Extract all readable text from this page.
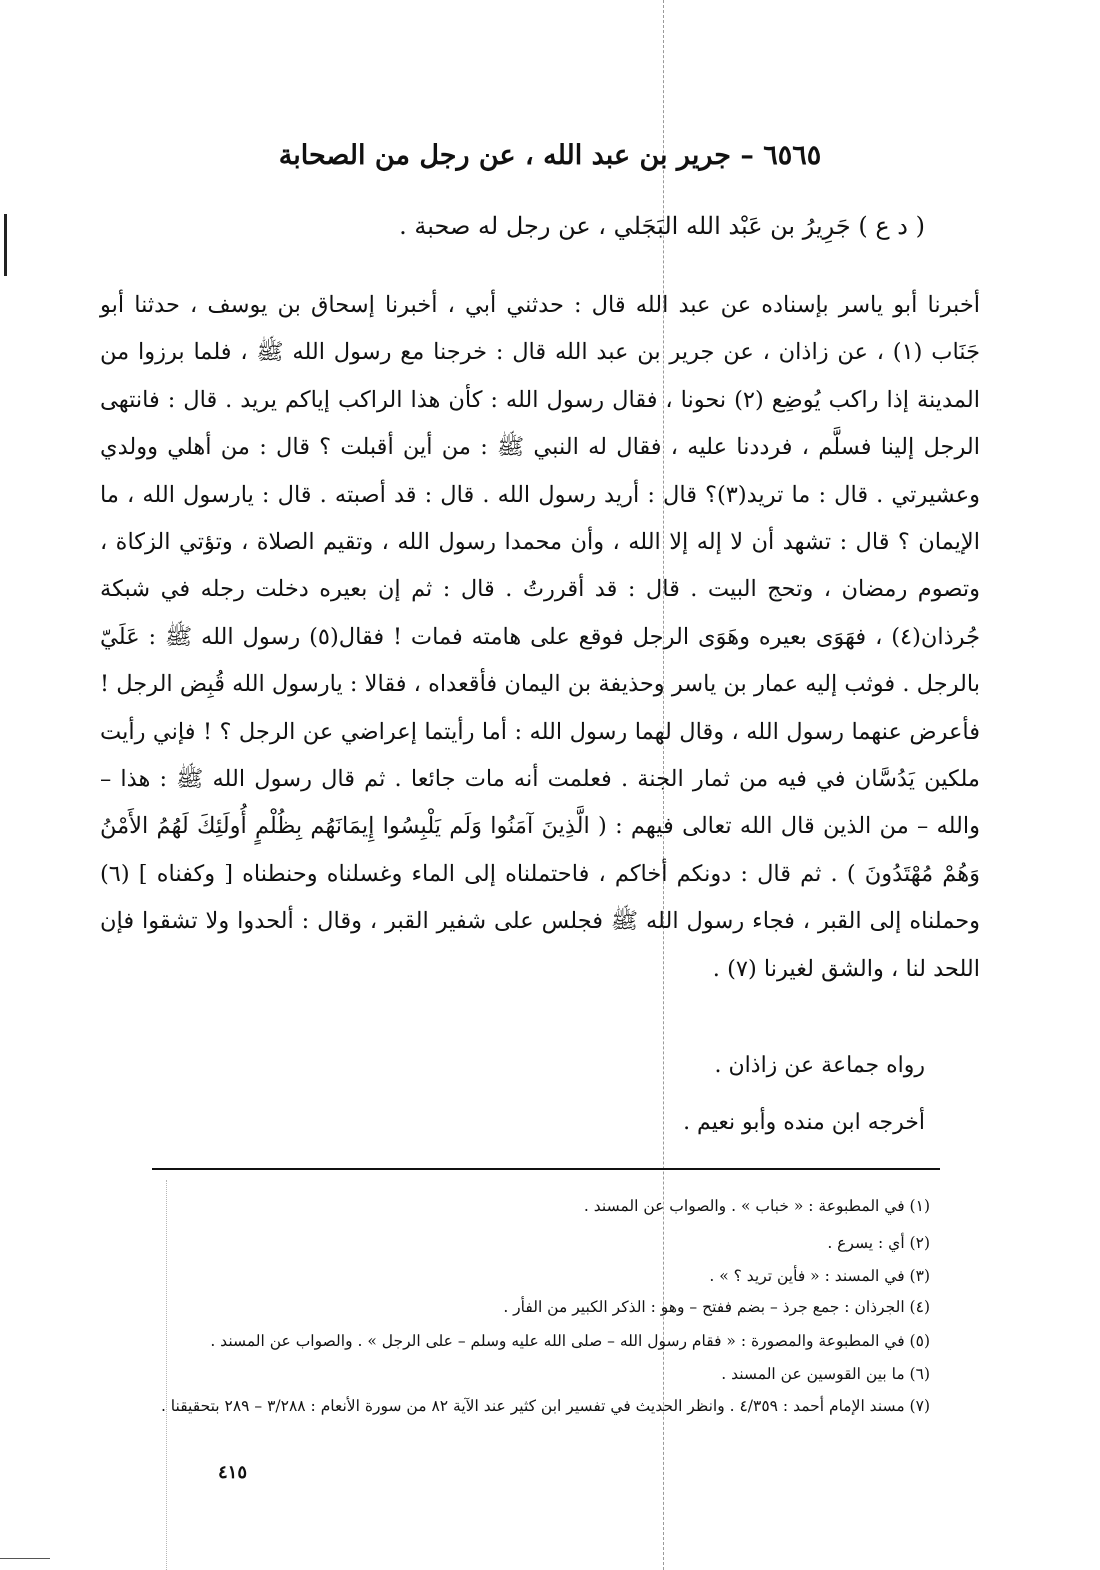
٦٥٦٥ – جرير بن عبد الله ، عن رجل من الصحابة
( د ع ) جَرِيرُ بن عَبْد الله البَجَلي ، عن رجل له صحبة .

أخبرنا أبو ياسر بإسناده عن عبد الله قال : حدثني أبي ، أخبرنا إسحاق بن يوسف ، حدثنا أبو جَنَاب (١) ، عن زاذان ، عن جرير بن عبد الله قال : خرجنا مع رسول الله ﷺ ، فلما برزوا من المدينة إذا راكب يُوضِع (٢) نحونا ، فقال رسول الله : كأن هذا الراكب إياكم يريد . قال : فانتهى الرجل إلينا فسلَّم ، فرددنا عليه ، فقال له النبي ﷺ : من أين أقبلت ؟ قال : من أهلي وولدي وعشيرتي . قال : ما تريد(٣)؟ قال : أريد رسول الله . قال : قد أصبته . قال : يارسول الله ، ما الإيمان ؟ قال : تشهد أن لا إله إلا الله ، وأن محمدا رسول الله ، وتقيم الصلاة ، وتؤتي الزكاة ، وتصوم رمضان ، وتحج البيت . قال : قد أقررتُ . قال : ثم إن بعيره دخلت رجله في شبكة جُرذان(٤) ، فهَوَى بعيره وهَوَى الرجل فوقع على هامته فمات ! فقال(٥) رسول الله ﷺ : عَلَيّ بالرجل . فوثب إليه عمار بن ياسر وحذيفة بن اليمان فأقعداه ، فقالا : يارسول الله قُبِض الرجل ! فأعرض عنهما رسول الله ، وقال لهما رسول الله : أما رأيتما إعراضي عن الرجل ؟ ! فإني رأيت ملكين يَدُسَّان في فيه من ثمار الجنة . فعلمت أنه مات جائعا . ثم قال رسول الله ﷺ : هذا – والله – من الذين قال الله تعالى فيهم : ( الَّذِينَ آمَنُوا وَلَم يَلْبِسُوا إِيمَانَهُم بِظُلْمٍ أُولَئِكَ لَهُمُ الأَمْنُ وَهُمْ مُهْتَدُونَ ) . ثم قال : دونكم أخاكم ، فاحتملناه إلى الماء وغسلناه وحنطناه [ وكفناه ] (٦) وحملناه إلى القبر ، فجاء رسول الله ﷺ فجلس على شفير القبر ، وقال : ألحدوا ولا تشقوا فإن اللحد لنا ، والشق لغيرنا (٧) .

رواه جماعة عن زاذان .
أخرجه ابن منده وأبو نعيم .
(١) في المطبوعة : « خباب » . والصواب عن المسند .
(٢) أي : يسرع .
(٣) في المسند : « فأين تريد ؟ » .
(٤) الجرذان : جمع جرذ – بضم ففتح – وهو : الذكر الكبير من الفأر .
(٥) في المطبوعة والمصورة : « فقام رسول الله – صلى الله عليه وسلم – على الرجل » . والصواب عن المسند .
(٦) ما بين القوسين عن المسند .
(٧) مسند الإمام أحمد : ٤/٣٥٩ . وانظر الحديث في تفسير ابن كثير عند الآية ٨٢ من سورة الأنعام : ٣/٢٨٨ – ٢٨٩ بتحقيقنا .
٤١٥
